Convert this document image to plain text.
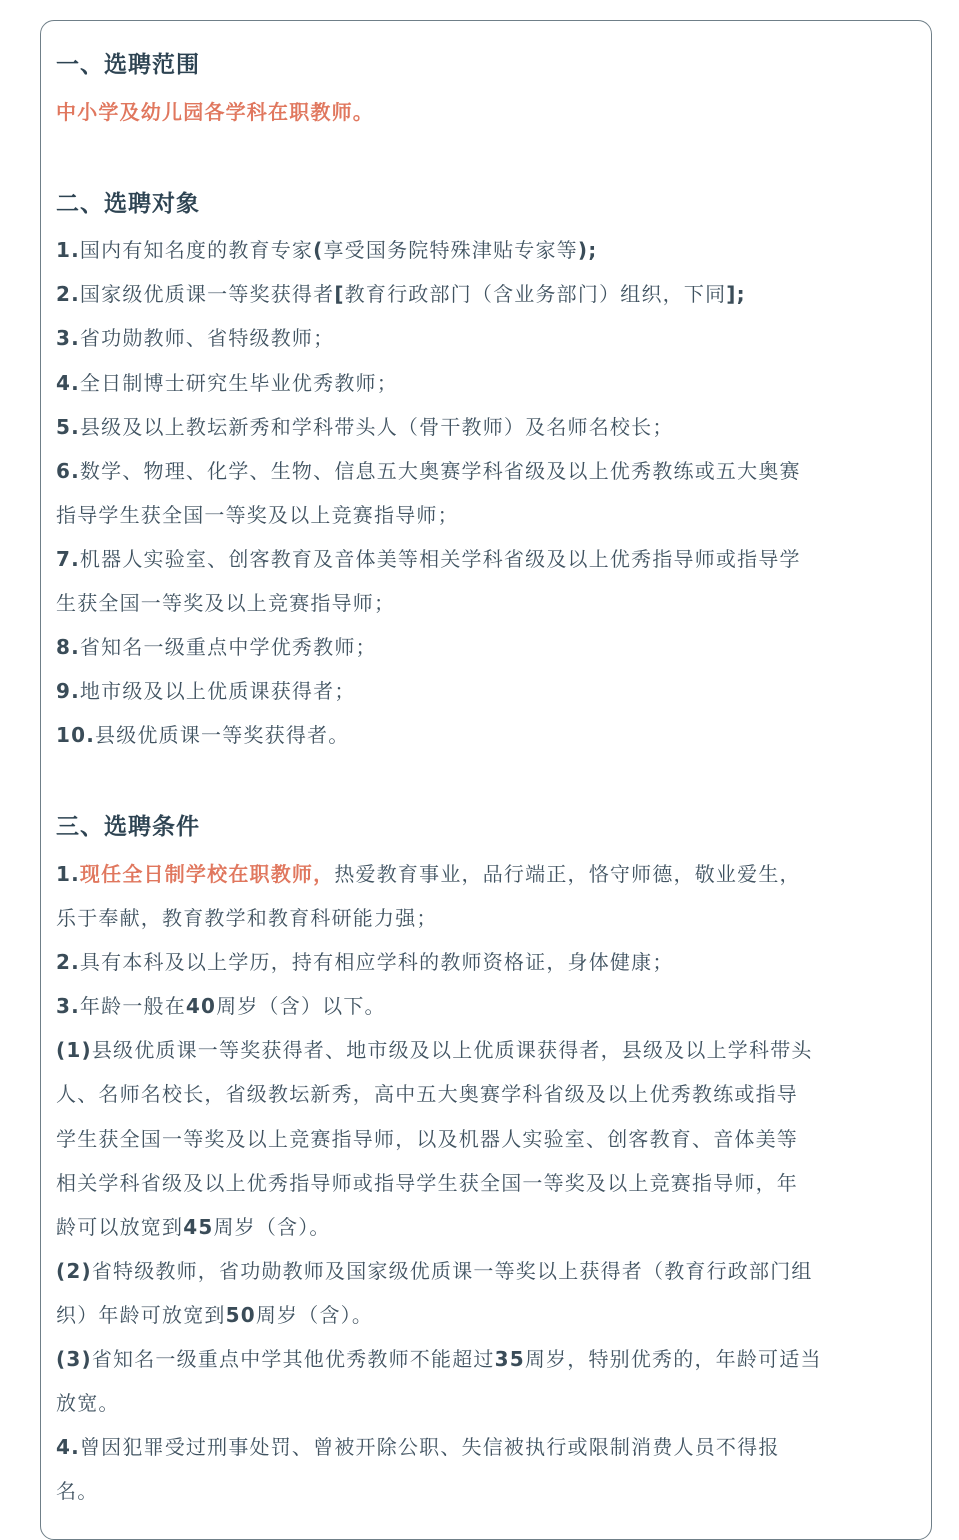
一、选聘范围
中小学及幼儿园各学科在职教师。
二、选聘对象
1.国内有知名度的教育专家(享受国务院特殊津贴专家等);
2.国家级优质课一等奖获得者[教育行政部门（含业务部门）组织，下同];
3.省功勋教师、省特级教师；
4.全日制博士研究生毕业优秀教师；
5.县级及以上教坛新秀和学科带头人（骨干教师）及名师名校长；
6.数学、物理、化学、生物、信息五大奥赛学科省级及以上优秀教练或五大奥赛
指导学生获全国一等奖及以上竞赛指导师；
7.机器人实验室、创客教育及音体美等相关学科省级及以上优秀指导师或指导学
生获全国一等奖及以上竞赛指导师；
8.省知名一级重点中学优秀教师；
9.地市级及以上优质课获得者；
10.县级优质课一等奖获得者。
三、选聘条件
1.现任全日制学校在职教师，热爱教育事业，品行端正，恪守师德，敬业爱生，
乐于奉献，教育教学和教育科研能力强；
2.具有本科及以上学历，持有相应学科的教师资格证，身体健康；
3.年龄一般在40周岁（含）以下。
(1)县级优质课一等奖获得者、地市级及以上优质课获得者，县级及以上学科带头
人、名师名校长，省级教坛新秀，高中五大奥赛学科省级及以上优秀教练或指导
学生获全国一等奖及以上竞赛指导师，以及机器人实验室、创客教育、音体美等
相关学科省级及以上优秀指导师或指导学生获全国一等奖及以上竞赛指导师，年
龄可以放宽到45周岁（含）。
(2)省特级教师，省功勋教师及国家级优质课一等奖以上获得者（教育行政部门组
织）年龄可放宽到50周岁（含）。
(3)省知名一级重点中学其他优秀教师不能超过35周岁，特别优秀的，年龄可适当
放宽。
4.曾因犯罪受过刑事处罚、曾被开除公职、失信被执行或限制消费人员不得报
名。
